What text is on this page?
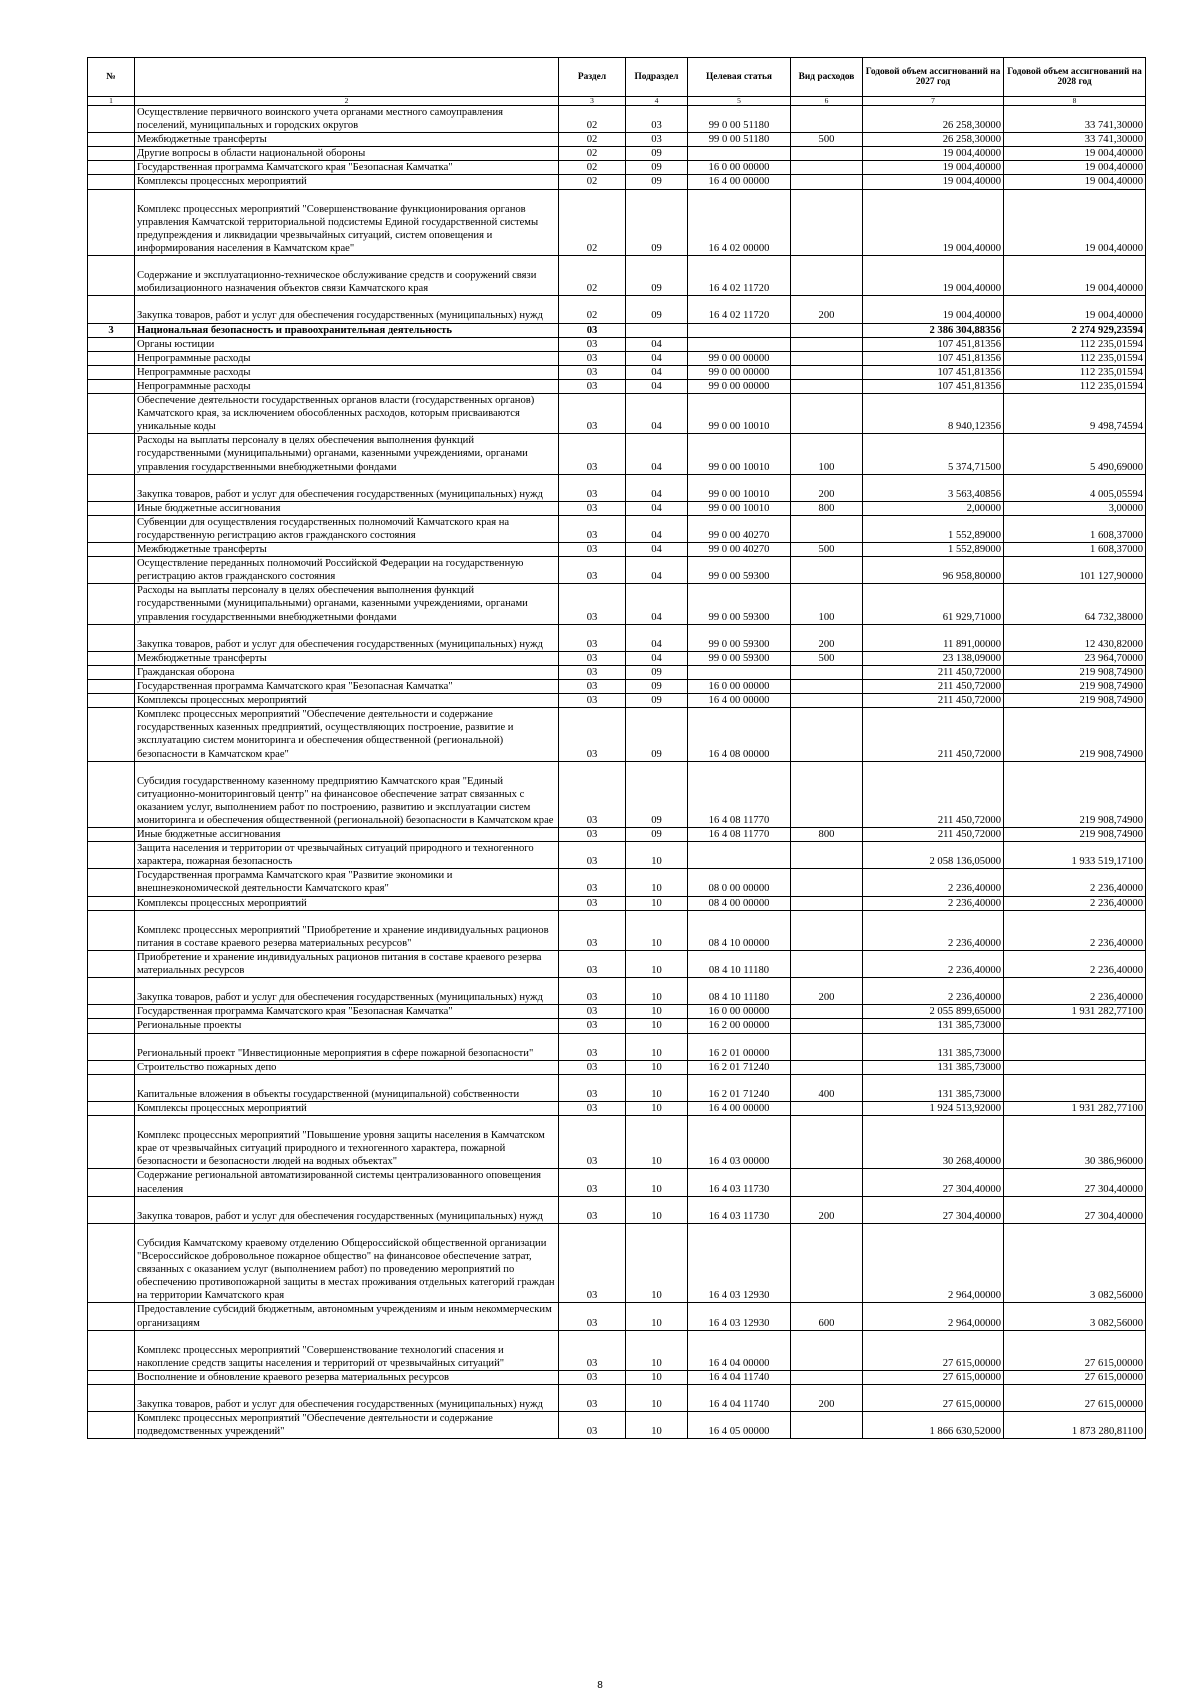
№		Раздел	Подраздел	Целевая статья	Вид расходов	Годовой объем ассигнований на 2027 год	Годовой объем ассигнований на 2028 год
1	2	3	4	5	6	7	8
	Осуществление первичного воинского учета органами местного самоуправления поселений, муниципальных и городских округов	02	03	99 0 00 51180		26 258,30000	33 741,30000
	Межбюджетные трансферты	02	03	99 0 00 51180	500	26 258,30000	33 741,30000
	Другие вопросы в области национальной обороны	02	09			19 004,40000	19 004,40000
	Государственная программа Камчатского края "Безопасная Камчатка"	02	09	16 0 00 00000		19 004,40000	19 004,40000
	Комплексы процессных мероприятий	02	09	16 4 00 00000		19 004,40000	19 004,40000
	Комплекс процессных мероприятий "Совершенствование функционирования органов управления Камчатской территориальной подсистемы Единой государственной системы предупреждения и ликвидации чрезвычайных ситуаций, систем оповещения и информирования населения в Камчатском крае"	02	09	16 4 02 00000		19 004,40000	19 004,40000
	Содержание и эксплуатационно-техническое обслуживание средств и сооружений связи мобилизационного назначения объектов связи Камчатского края	02	09	16 4 02 11720		19 004,40000	19 004,40000
	Закупка товаров, работ и услуг для обеспечения государственных (муниципальных) нужд	02	09	16 4 02 11720	200	19 004,40000	19 004,40000
3	Национальная безопасность и правоохранительная деятельность	03				2 386 304,88356	2 274 929,23594
	Органы юстиции	03	04			107 451,81356	112 235,01594
	Непрограммные расходы	03	04	99 0 00 00000		107 451,81356	112 235,01594
	Непрограммные расходы	03	04	99 0 00 00000		107 451,81356	112 235,01594
	Непрограммные расходы	03	04	99 0 00 00000		107 451,81356	112 235,01594
	Обеспечение деятельности государственных органов власти (государственных органов) Камчатского края, за исключением обособленных расходов, которым присваиваются уникальные коды	03	04	99 0 00 10010		8 940,12356	9 498,74594
	Расходы на выплаты персоналу в целях обеспечения выполнения функций государственными (муниципальными) органами, казенными учреждениями, органами управления государственными внебюджетными фондами	03	04	99 0 00 10010	100	5 374,71500	5 490,69000
	Закупка товаров, работ и услуг для обеспечения государственных (муниципальных) нужд	03	04	99 0 00 10010	200	3 563,40856	4 005,05594
	Иные бюджетные ассигнования	03	04	99 0 00 10010	800	2,00000	3,00000
	Субвенции для осуществления государственных полномочий Камчатского края на государственную регистрацию актов гражданского состояния	03	04	99 0 00 40270		1 552,89000	1 608,37000
	Межбюджетные трансферты	03	04	99 0 00 40270	500	1 552,89000	1 608,37000
	Осуществление переданных полномочий Российской Федерации на государственную регистрацию актов гражданского состояния	03	04	99 0 00 59300		96 958,80000	101 127,90000
	Расходы на выплаты персоналу в целях обеспечения выполнения функций государственными (муниципальными) органами, казенными учреждениями, органами управления государственными внебюджетными фондами	03	04	99 0 00 59300	100	61 929,71000	64 732,38000
	Закупка товаров, работ и услуг для обеспечения государственных (муниципальных) нужд	03	04	99 0 00 59300	200	11 891,00000	12 430,82000
	Межбюджетные трансферты	03	04	99 0 00 59300	500	23 138,09000	23 964,70000
	Гражданская оборона	03	09			211 450,72000	219 908,74900
	Государственная программа Камчатского края "Безопасная Камчатка"	03	09	16 0 00 00000		211 450,72000	219 908,74900
	Комплексы процессных мероприятий	03	09	16 4 00 00000		211 450,72000	219 908,74900
	Комплекс процессных мероприятий "Обеспечение деятельности и содержание государственных казенных предприятий, осуществляющих построение, развитие и эксплуатацию систем мониторинга и обеспечения общественной (региональной) безопасности в Камчатском крае"	03	09	16 4 08 00000		211 450,72000	219 908,74900
	Субсидия государственному казенному предприятию Камчатского края "Единый ситуационно-мониторинговый центр" на финансовое обеспечение затрат связанных с оказанием услуг, выполнением работ по построению, развитию и эксплуатации систем мониторинга и обеспечения общественной (региональной) безопасности в Камчатском крае	03	09	16 4 08 11770		211 450,72000	219 908,74900
	Иные бюджетные ассигнования	03	09	16 4 08 11770	800	211 450,72000	219 908,74900
	Защита населения и территории от чрезвычайных ситуаций природного и техногенного характера, пожарная безопасность	03	10			2 058 136,05000	1 933 519,17100
	Государственная программа Камчатского края "Развитие экономики и внешнеэкономической деятельности Камчатского края"	03	10	08 0 00 00000		2 236,40000	2 236,40000
	Комплексы процессных мероприятий	03	10	08 4 00 00000		2 236,40000	2 236,40000
	Комплекс процессных мероприятий "Приобретение и хранение индивидуальных рационов питания в составе краевого резерва материальных ресурсов"	03	10	08 4 10 00000		2 236,40000	2 236,40000
	Приобретение и хранение индивидуальных рационов питания в составе краевого резерва материальных ресурсов	03	10	08 4 10 11180		2 236,40000	2 236,40000
	Закупка товаров, работ и услуг для обеспечения государственных (муниципальных) нужд	03	10	08 4 10 11180	200	2 236,40000	2 236,40000
	Государственная программа Камчатского края "Безопасная Камчатка"	03	10	16 0 00 00000		2 055 899,65000	1 931 282,77100
	Региональные проекты	03	10	16 2 00 00000		131 385,73000	
	Региональный проект "Инвестиционные мероприятия в сфере пожарной безопасности"	03	10	16 2 01 00000		131 385,73000	
	Строительство пожарных депо	03	10	16 2 01 71240		131 385,73000	
	Капитальные вложения в объекты государственной (муниципальной) собственности	03	10	16 2 01 71240	400	131 385,73000	
	Комплексы процессных мероприятий	03	10	16 4 00 00000		1 924 513,92000	1 931 282,77100
	Комплекс процессных мероприятий "Повышение уровня защиты населения в Камчатском крае от чрезвычайных ситуаций природного и техногенного характера, пожарной безопасности и безопасности людей на водных объектах"	03	10	16 4 03 00000		30 268,40000	30 386,96000
	Содержание региональной автоматизированной системы централизованного оповещения населения	03	10	16 4 03 11730		27 304,40000	27 304,40000
	Закупка товаров, работ и услуг для обеспечения государственных (муниципальных) нужд	03	10	16 4 03 11730	200	27 304,40000	27 304,40000
	Субсидия Камчатскому краевому отделению Общероссийской общественной организации "Всероссийское добровольное пожарное общество" на финансовое обеспечение затрат, связанных с оказанием услуг (выполнением работ) по проведению мероприятий по обеспечению противопожарной защиты в местах проживания отдельных категорий граждан на территории Камчатского края	03	10	16 4 03 12930		2 964,00000	3 082,56000
	Предоставление субсидий бюджетным, автономным учреждениям и иным некоммерческим организациям	03	10	16 4 03 12930	600	2 964,00000	3 082,56000
	Комплекс процессных мероприятий "Совершенствование технологий спасения и накопление средств защиты населения и территорий от чрезвычайных ситуаций"	03	10	16 4 04 00000		27 615,00000	27 615,00000
	Восполнение и обновление краевого резерва материальных ресурсов	03	10	16 4 04 11740		27 615,00000	27 615,00000
	Закупка товаров, работ и услуг для обеспечения государственных (муниципальных) нужд	03	10	16 4 04 11740	200	27 615,00000	27 615,00000
	Комплекс процессных мероприятий "Обеспечение деятельности и содержание подведомственных учреждений"	03	10	16 4 05 00000		1 866 630,52000	1 873 280,81100
8
